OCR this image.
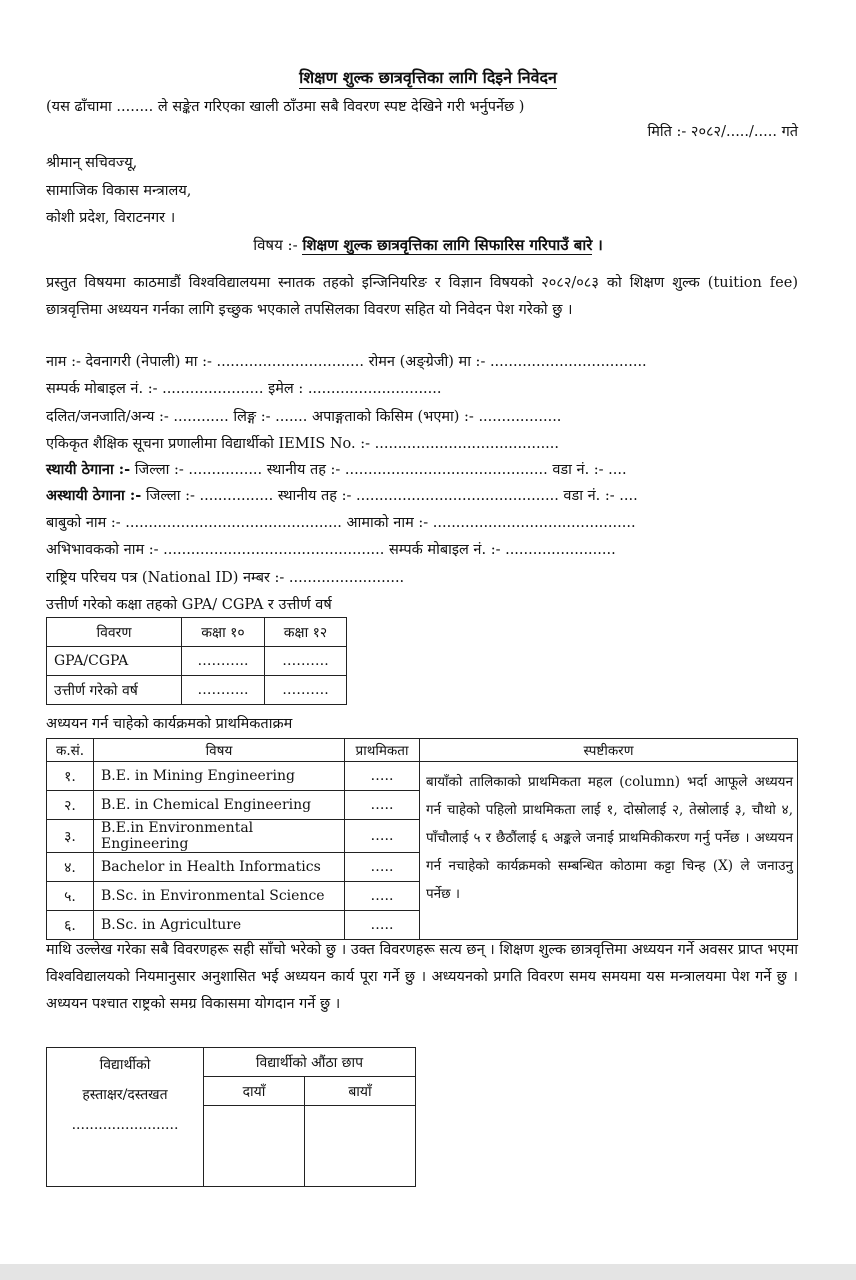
शिक्षण शुल्क छात्रवृत्तिका लागि दिइने निवेदन
(यस ढाँचामा ........ ले सङ्केत गरिएका खाली ठाँउमा सबै विवरण स्पष्ट देखिने गरी भर्नुपर्नेछ )
मिति :- २०८२/...../..... गते
श्रीमान् सचिवज्यू,
सामाजिक विकास मन्त्रालय,
कोशी प्रदेश, विराटनगर ।
विषय :- शिक्षण शुल्क छात्रवृत्तिका लागि सिफारिस गरिपाउँ बारे ।
प्रस्तुत विषयमा काठमाडौं विश्वविद्यालयमा स्नातक तहको इन्जिनियरिङ र विज्ञान विषयको २०८२/०८३ को शिक्षण शुल्क (tuition fee) छात्रवृत्तिमा अध्ययन गर्नका लागि इच्छुक भएकाले तपसिलका विवरण सहित यो निवेदन पेश गरेको छु ।
नाम :- देवनागरी (नेपाली) मा :- ................................ रोमन (अङ्ग्रेजी) मा :- ..................................
सम्पर्क मोबाइल नं. :- ...................... इमेल : .............................
दलित/जनजाति/अन्य :- ............ लिङ्ग :- ....... अपाङ्गताको किसिम (भएमा) :- ..................
एकिकृत शैक्षिक सूचना प्रणालीमा विद्यार्थीको IEMIS No. :- ........................................
स्थायी ठेगाना :- जिल्ला :- ................ स्थानीय तह :- ............................................ वडा नं. :- ....
अस्थायी ठेगाना :- जिल्ला :- ................ स्थानीय तह :- ............................................ वडा नं. :- ....
बाबुको नाम :- ............................................... आमाको नाम :- ............................................
अभिभावकको नाम :- ................................................ सम्पर्क मोबाइल नं. :- ........................
राष्ट्रिय परिचय पत्र (National ID) नम्बर :- .........................
उत्तीर्ण गरेको कक्षा तहको GPA/ CGPA र उत्तीर्ण वर्ष
विवरण	कक्षा १०	कक्षा १२
GPA/CGPA	………..	……….
उत्तीर्ण गरेको वर्ष	………..	……….
अध्ययन गर्न चाहेको कार्यक्रमको प्राथमिकताक्रम
क.सं.	विषय	प्राथमिकता	स्पष्टीकरण
१.	B.E. in Mining Engineering	…..	बायाँको तालिकाको प्राथमिकता महल (column) भर्दा आफूले अध्ययन गर्न चाहेको पहिलो प्राथमिकता लाई १, दोस्रोलाई २, तेस्रोलाई ३, चौथो ४, पाँचौलाई ५ र छैठौंलाई ६ अङ्कले जनाई प्राथमिकीकरण गर्नु पर्नेछ । अध्ययन गर्न नचाहेको कार्यक्रमको सम्बन्धित कोठामा कट्टा चिन्ह (X) ले जनाउनु पर्नेछ ।
२.	B.E. in Chemical Engineering	…..	
३.	B.E.in Environmental Engineering	…..	
४.	Bachelor in Health Informatics	…..	
५.	B.Sc. in Environmental Science	…..	
६.	B.Sc. in Agriculture	…..	
माथि उल्लेख गरेका सबै विवरणहरू सही साँचो भरेको छु । उक्त विवरणहरू सत्य छन् । शिक्षण शुल्क छात्रवृत्तिमा अध्ययन गर्ने अवसर प्राप्त भएमा विश्वविद्यालयको नियमानुसार अनुशासित भई अध्ययन कार्य पूरा गर्ने छु । अध्ययनको प्रगति विवरण समय समयमा यस मन्त्रालयमा पेश गर्ने छु । अध्ययन पश्चात राष्ट्रको समग्र विकासमा योगदान गर्ने छु ।
विद्यार्थीको
हस्ताक्षर/दस्तखत
........................	विद्यार्थीको औंठा छाप	
	दायाँ	बायाँ
